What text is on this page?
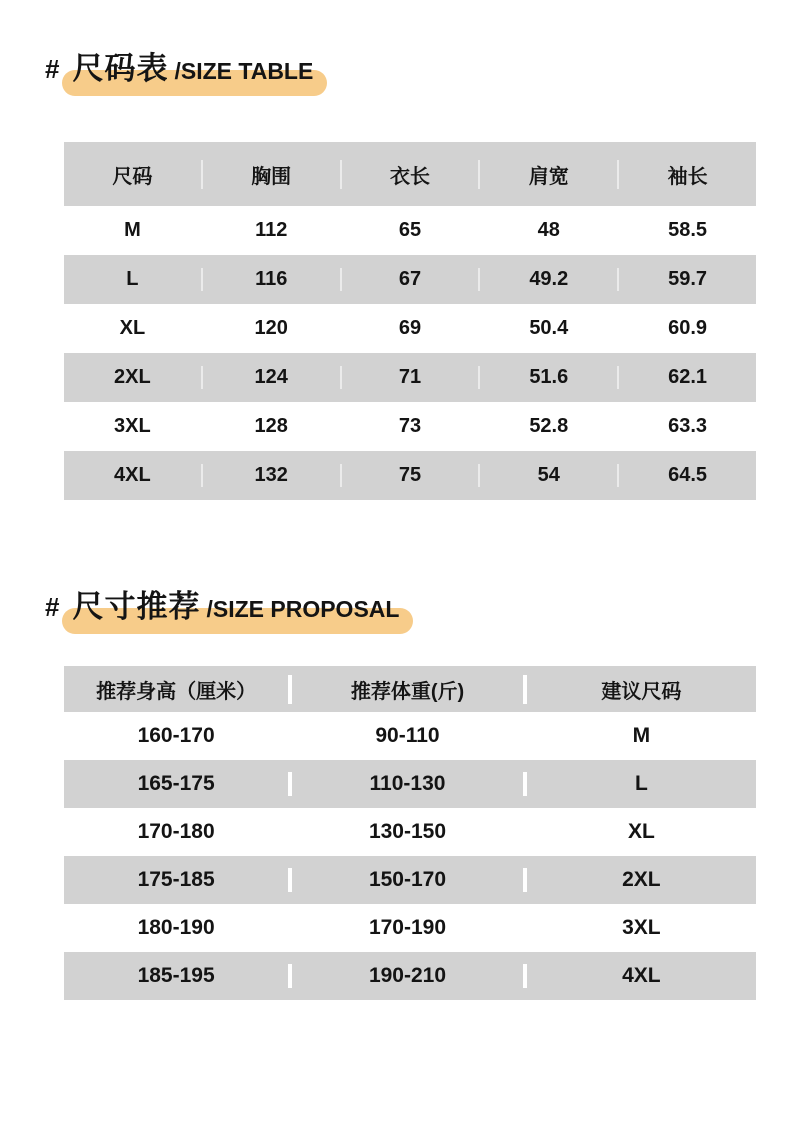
# 尺码表 /SIZE TABLE
尺码	胸围	衣长	肩宽	袖长
M	112	65	48	58.5
L	116	67	49.2	59.7
XL	120	69	50.4	60.9
2XL	124	71	51.6	62.1
3XL	128	73	52.8	63.3
4XL	132	75	54	64.5
# 尺寸推荐 /SIZE PROPOSAL
推荐身高（厘米）	推荐体重(斤)	建议尺码
160-170	90-110	M
165-175	110-130	L
170-180	130-150	XL
175-185	150-170	2XL
180-190	170-190	3XL
185-195	190-210	4XL
